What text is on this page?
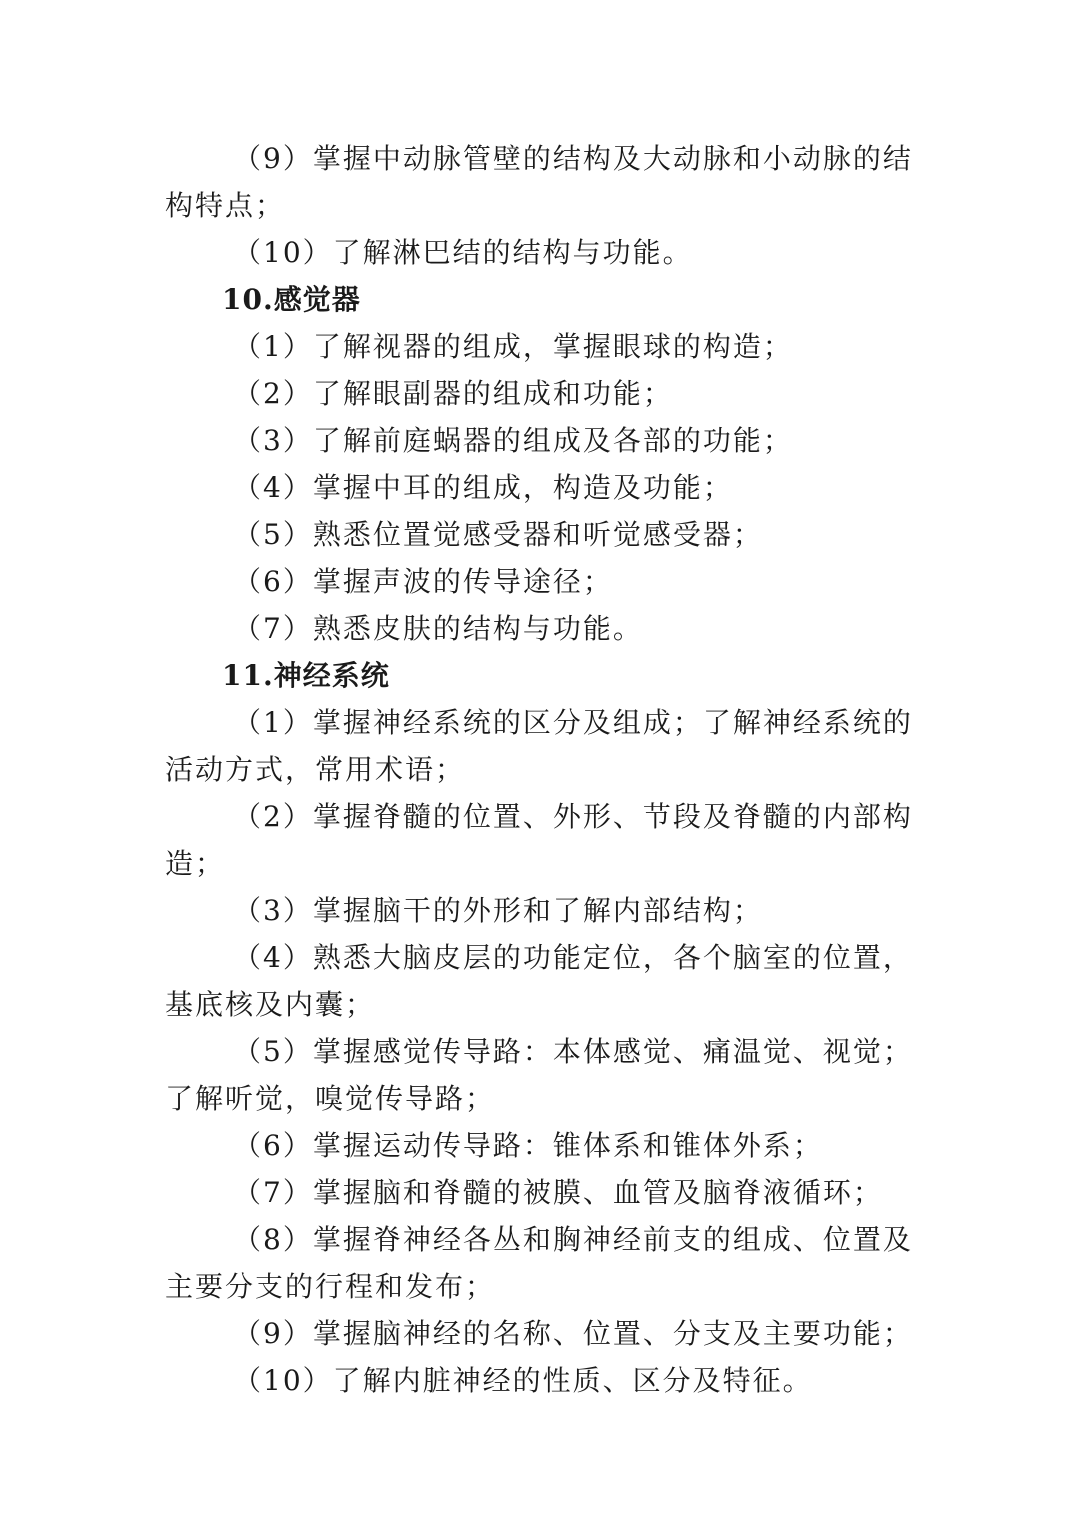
（9）掌握中动脉管壁的结构及大动脉和小动脉的结构特点；

（10）了解淋巴结的结构与功能。

10.感觉器

（1）了解视器的组成，掌握眼球的构造；

（2）了解眼副器的组成和功能；

（3）了解前庭蜗器的组成及各部的功能；

（4）掌握中耳的组成，构造及功能；

（5）熟悉位置觉感受器和听觉感受器；

（6）掌握声波的传导途径；

（7）熟悉皮肤的结构与功能。

11.神经系统

（1）掌握神经系统的区分及组成；了解神经系统的活动方式，常用术语；

（2）掌握脊髓的位置、外形、节段及脊髓的内部构造；

（3）掌握脑干的外形和了解内部结构；

（4）熟悉大脑皮层的功能定位，各个脑室的位置，基底核及内囊；

（5）掌握感觉传导路：本体感觉、痛温觉、视觉；了解听觉，嗅觉传导路；

（6）掌握运动传导路：锥体系和锥体外系；

（7）掌握脑和脊髓的被膜、血管及脑脊液循环；

（8）掌握脊神经各丛和胸神经前支的组成、位置及主要分支的行程和发布；

（9）掌握脑神经的名称、位置、分支及主要功能；

（10）了解内脏神经的性质、区分及特征。
